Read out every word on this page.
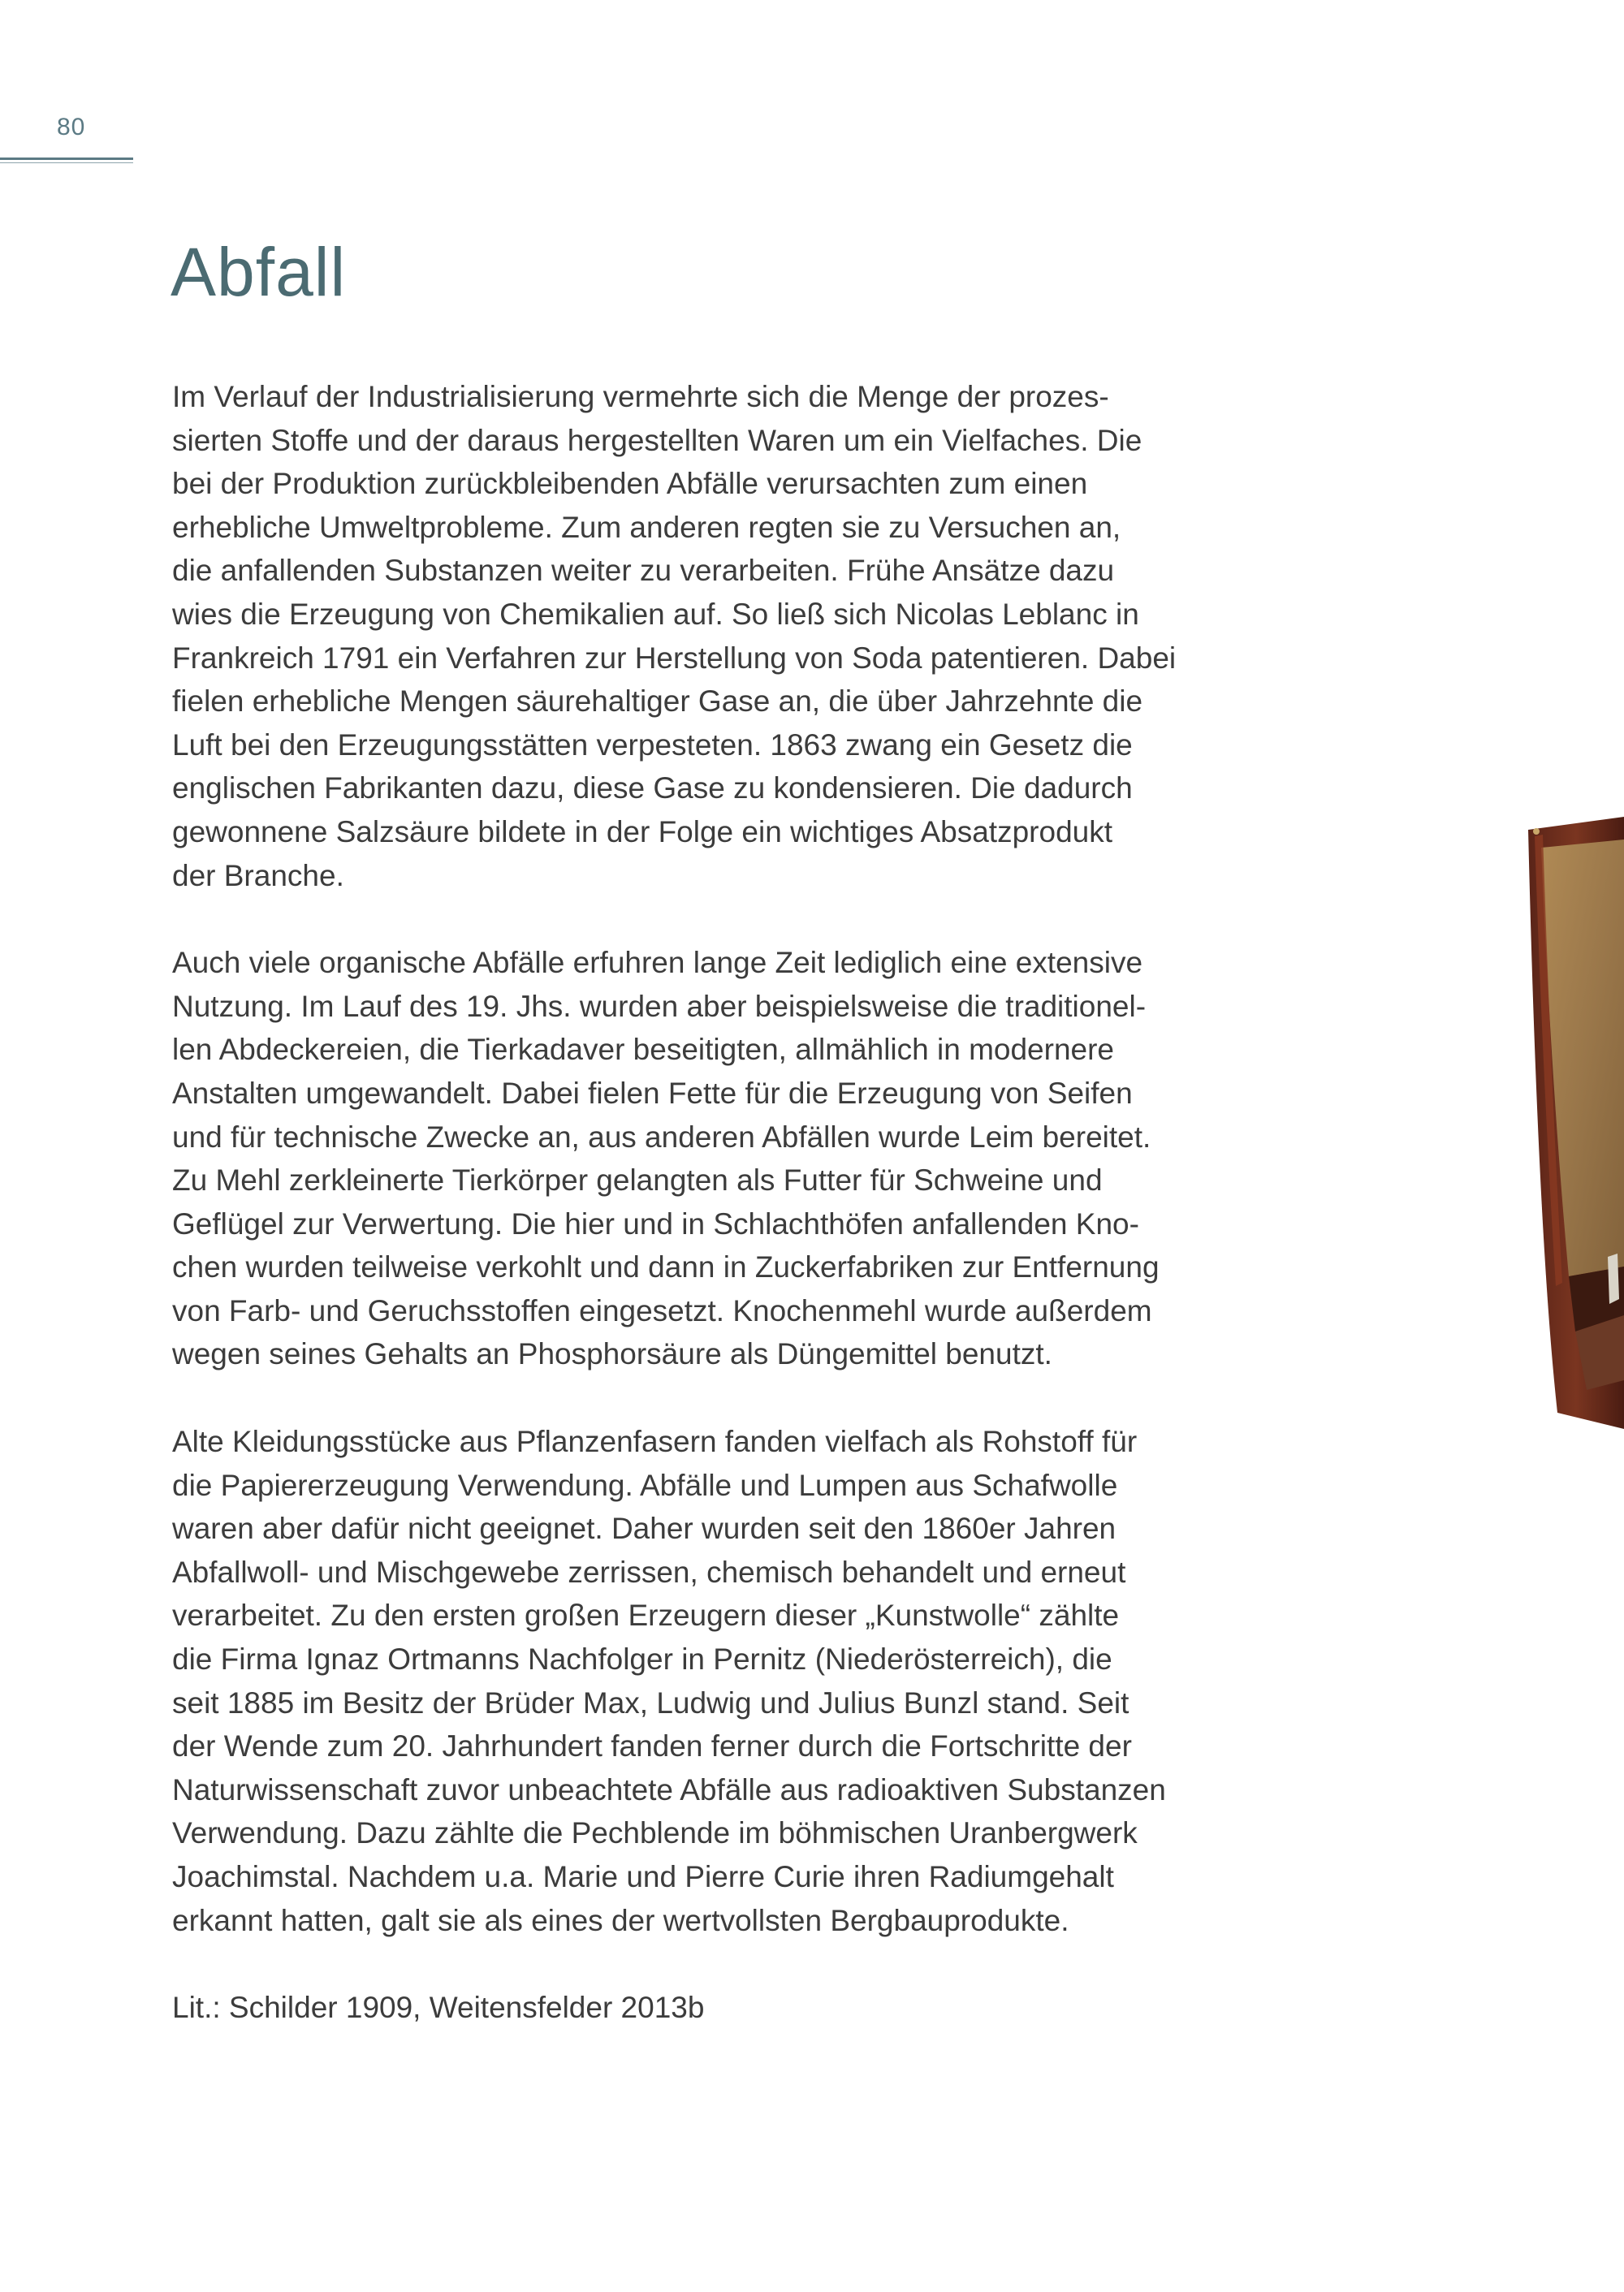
80
Abfall

Im Verlauf der Industrialisierung vermehrte sich die Menge der prozes-
sierten Stoffe und der daraus hergestellten Waren um ein Vielfaches. Die
bei der Produktion zurückbleibenden Abfälle verursachten zum einen
erhebliche Umweltprobleme. Zum anderen regten sie zu Versuchen an,
die anfallenden Substanzen weiter zu verarbeiten. Frühe Ansätze dazu
wies die Erzeugung von Chemikalien auf. So ließ sich Nicolas Leblanc in
Frankreich 1791 ein Verfahren zur Herstellung von Soda patentieren. Dabei
fielen erhebliche Mengen säurehaltiger Gase an, die über Jahrzehnte die
Luft bei den Erzeugungsstätten verpesteten. 1863 zwang ein Gesetz die
englischen Fabrikanten dazu, diese Gase zu kondensieren. Die dadurch
gewonnene Salzsäure bildete in der Folge ein wichtiges Absatzprodukt
der Branche.

Auch viele organische Abfälle erfuhren lange Zeit lediglich eine extensive
Nutzung. Im Lauf des 19. Jhs. wurden aber beispielsweise die traditionel-
len Abdeckereien, die Tierkadaver beseitigten, allmählich in modernere
Anstalten umgewandelt. Dabei fielen Fette für die Erzeugung von Seifen
und für technische Zwecke an, aus anderen Abfällen wurde Leim bereitet.
Zu Mehl zerkleinerte Tierkörper gelangten als Futter für Schweine und
Geflügel zur Verwertung. Die hier und in Schlachthöfen anfallenden Kno-
chen wurden teilweise verkohlt und dann in Zuckerfabriken zur Entfernung
von Farb- und Geruchsstoffen eingesetzt. Knochenmehl wurde außerdem
wegen seines Gehalts an Phosphorsäure als Düngemittel benutzt.

Alte Kleidungsstücke aus Pflanzenfasern fanden vielfach als Rohstoff für
die Papiererzeugung Verwendung. Abfälle und Lumpen aus Schafwolle
waren aber dafür nicht geeignet. Daher wurden seit den 1860er Jahren
Abfallwoll- und Mischgewebe zerrissen, chemisch behandelt und erneut
verarbeitet. Zu den ersten großen Erzeugern dieser „Kunstwolle“ zählte
die Firma Ignaz Ortmanns Nachfolger in Pernitz (Niederösterreich), die
seit 1885 im Besitz der Brüder Max, Ludwig und Julius Bunzl stand. Seit
der Wende zum 20. Jahrhundert fanden ferner durch die Fortschritte der
Naturwissenschaft zuvor unbeachtete Abfälle aus radioaktiven Substanzen
Verwendung. Dazu zählte die Pechblende im böhmischen Uranbergwerk
Joachimstal. Nachdem u.a. Marie und Pierre Curie ihren Radiumgehalt
erkannt hatten, galt sie als eines der wertvollsten Bergbauprodukte.

Lit.: Schilder 1909, Weitensfelder 2013b
